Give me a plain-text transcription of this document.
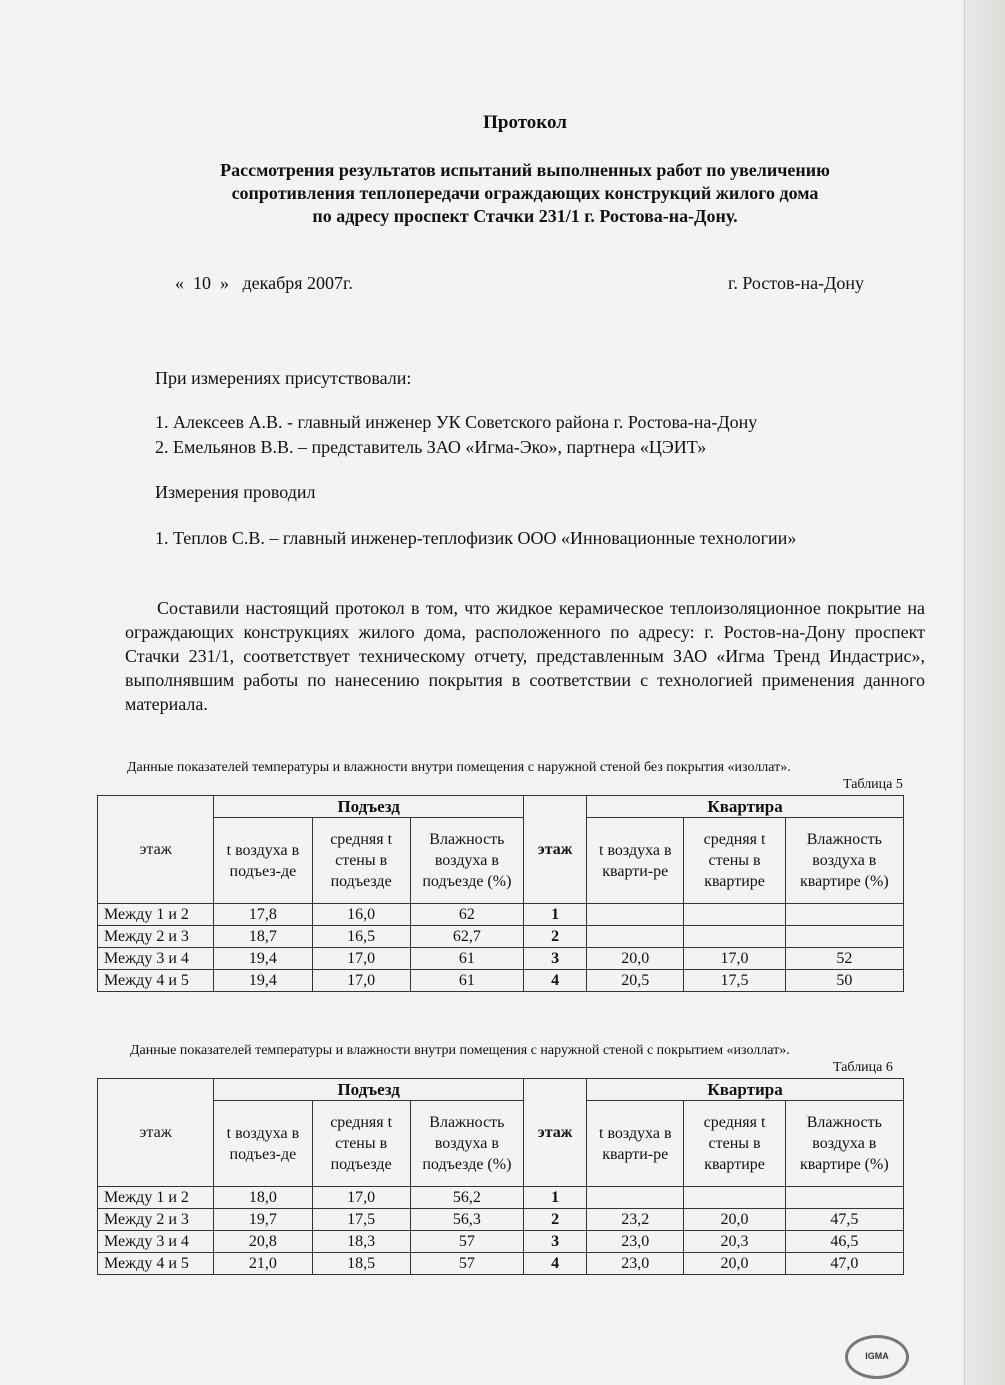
Протокол
Рассмотрения результатов испытаний выполненных работ по увеличению
сопротивления теплопередачи ограждающих конструкций жилого дома
по адресу проспект Стачки 231/1 г. Ростова-на-Дону.
«  10  »   декабря 2007г.	г. Ростов-на-Дону
При измерениях присутствовали:
1. Алексеев А.В. - главный инженер УК Советского района г. Ростова-на-Дону
2. Емельянов В.В. – представитель ЗАО «Игма-Эко», партнера «ЦЭИТ»
Измерения проводил
1. Теплов С.В. – главный инженер-теплофизик ООО «Инновационные технологии»
Составили настоящий протокол в том, что жидкое керамическое теплоизоляционное покрытие на ограждающих конструкциях жилого дома, расположенного по адресу: г. Ростов-на-Дону проспект Стачки 231/1, соответствует техническому отчету, представленным ЗАО «Игма Тренд Индастрис», выполнявшим работы по нанесению покрытия в соответствии с технологией применения данного материала.
Данные показателей температуры и влажности внутри помещения с наружной стеной без покрытия «изоллат».
Таблица 5
этаж	Подъезд			этаж	Квартира		
	t воздуха в подъез-де	средняя t стены в подъезде	Влажность воздуха в подъезде (%)		t воздуха в кварти-ре	средняя t стены в квартире	Влажность воздуха в квартире (%)
Между 1 и 2	17,8	16,0	62	1			
Между 2 и 3	18,7	16,5	62,7	2			
Между 3 и 4	19,4	17,0	61	3	20,0	17,0	52
Между 4 и 5	19,4	17,0	61	4	20,5	17,5	50
Данные показателей температуры и влажности внутри помещения с наружной стеной с покрытием «изоллат».
Таблица 6
этаж	Подъезд			этаж	Квартира		
	t воздуха в подъез-де	средняя t стены в подъезде	Влажность воздуха в подъезде (%)		t воздуха в кварти-ре	средняя t стены в квартире	Влажность воздуха в квартире (%)
Между 1 и 2	18,0	17,0	56,2	1			
Между 2 и 3	19,7	17,5	56,3	2	23,2	20,0	47,5
Между 3 и 4	20,8	18,3	57	3	23,0	20,3	46,5
Между 4 и 5	21,0	18,5	57	4	23,0	20,0	47,0
IGMA
